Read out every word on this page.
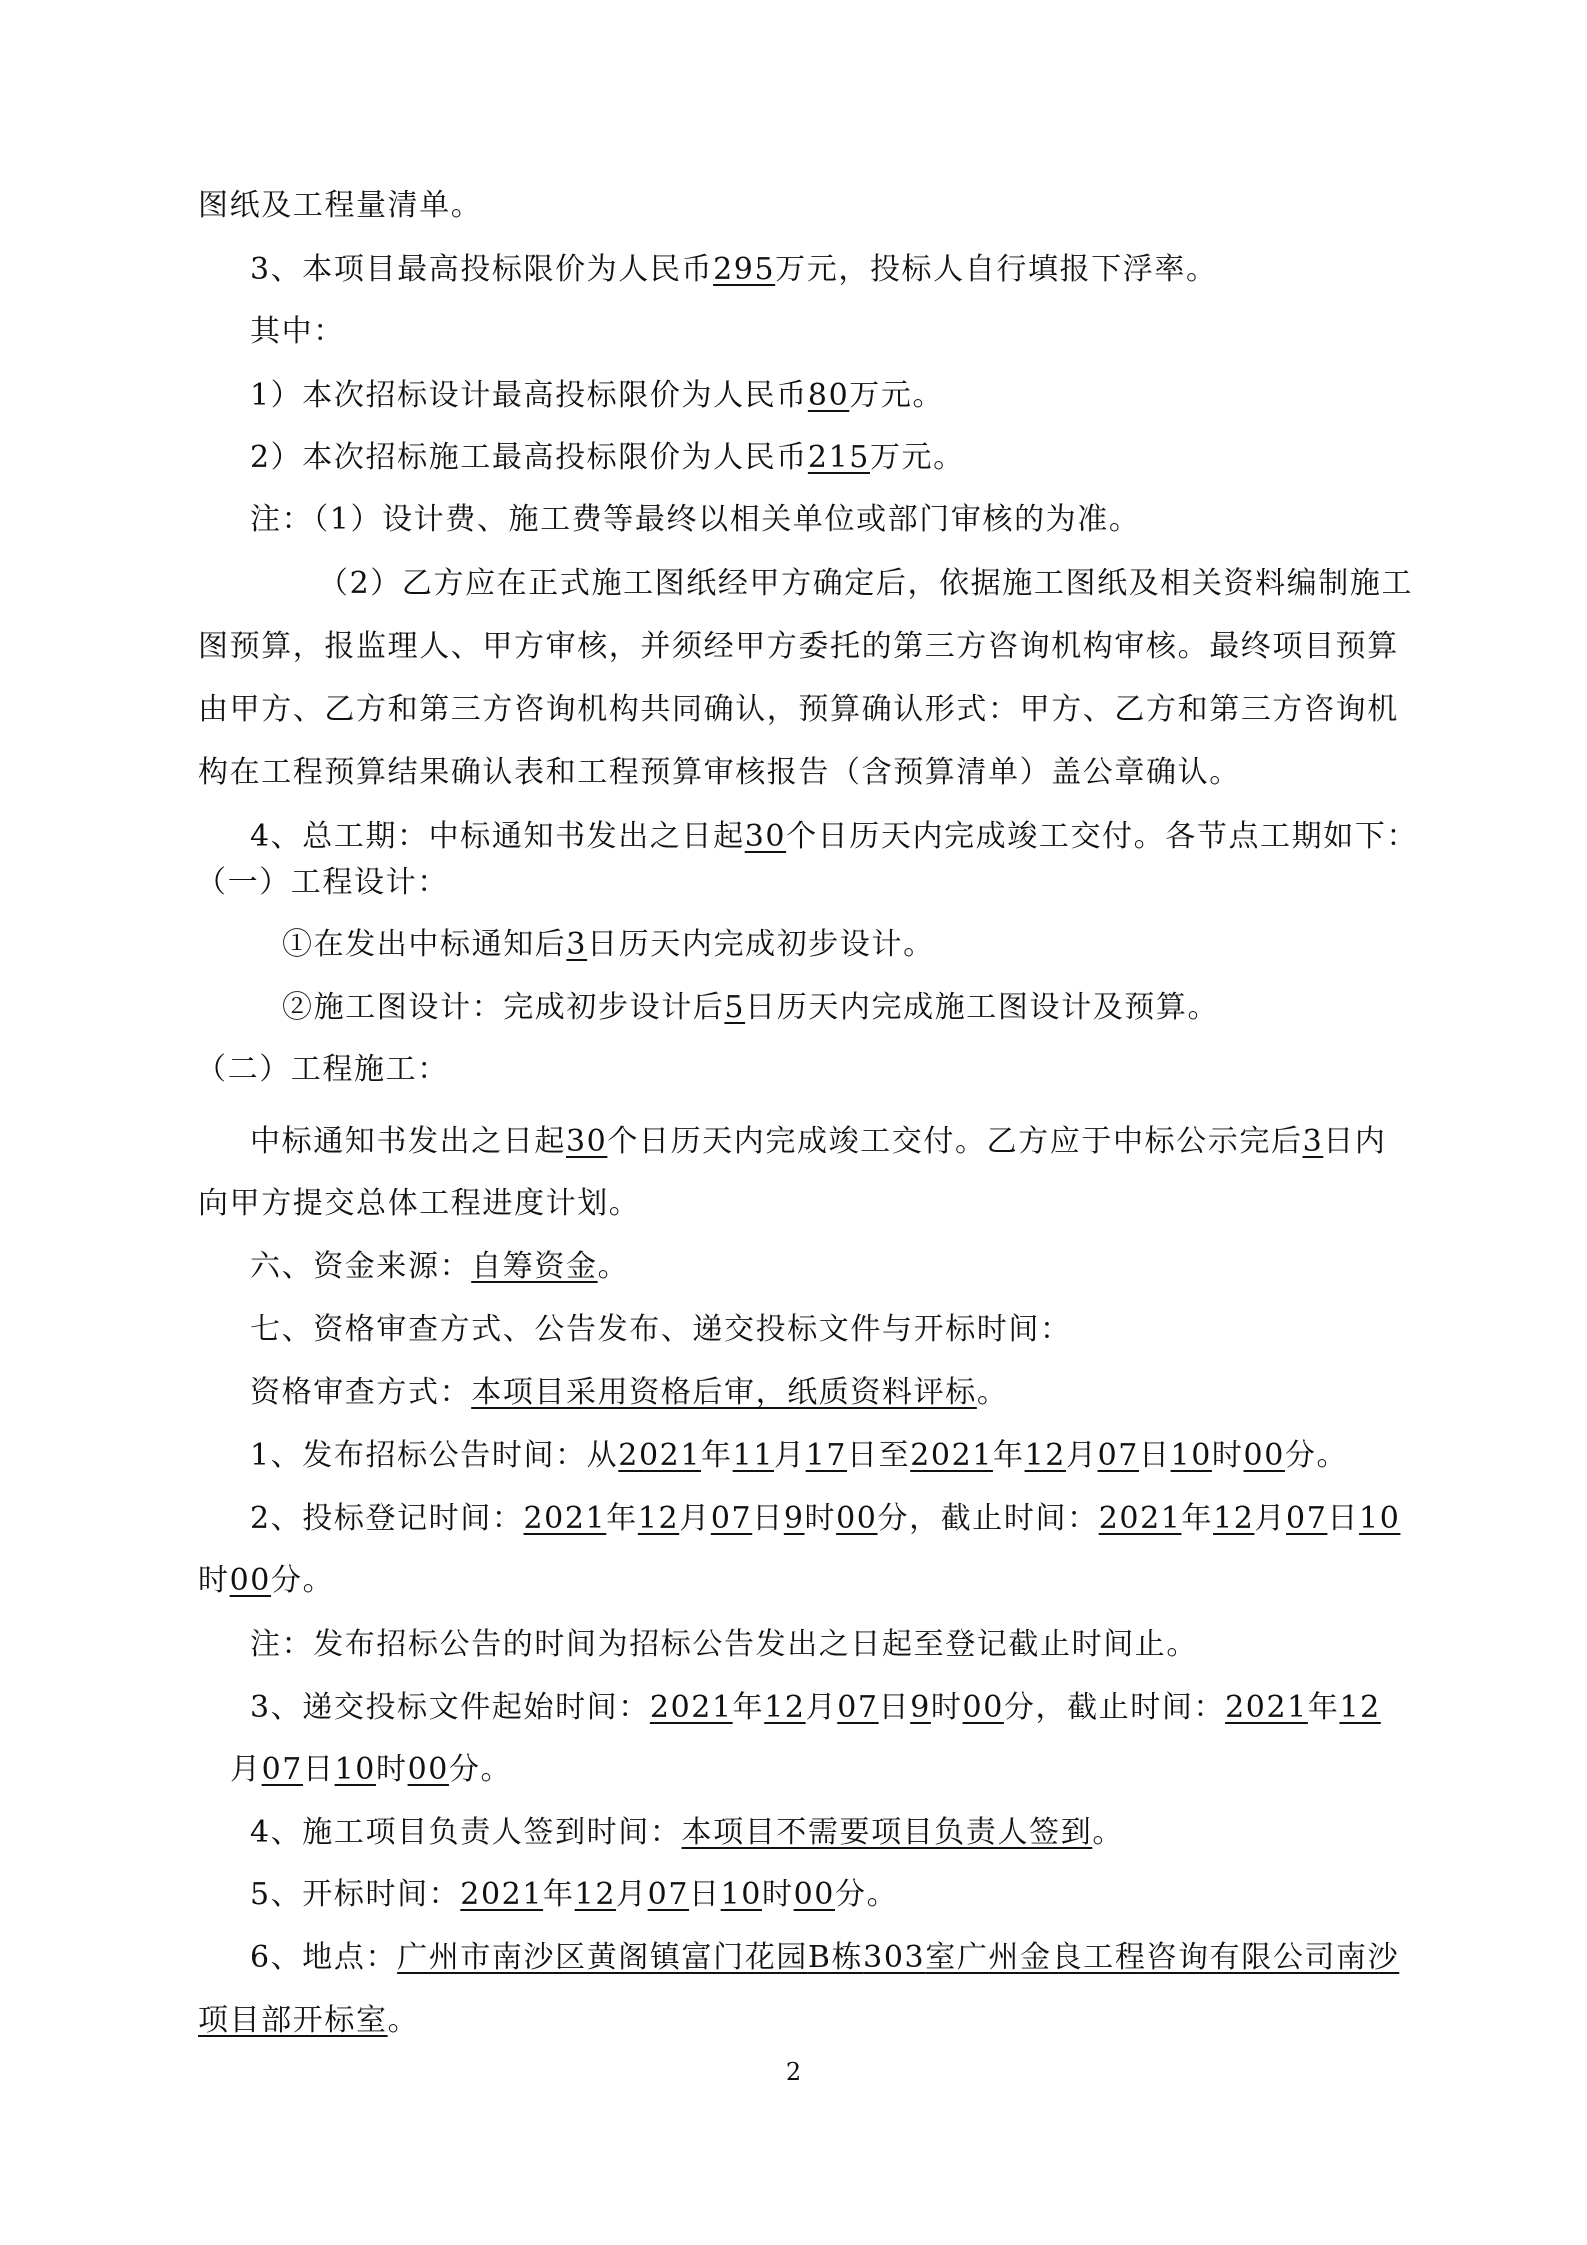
图纸及工程量清单。
3、本项目最高投标限价为人民币295万元，投标人自行填报下浮率。
其中：
1）本次招标设计最高投标限价为人民币80万元。
2）本次招标施工最高投标限价为人民币215万元。
注：（1）设计费、施工费等最终以相关单位或部门审核的为准。
（2）乙方应在正式施工图纸经甲方确定后，依据施工图纸及相关资料编制施工
图预算，报监理人、甲方审核，并须经甲方委托的第三方咨询机构审核。最终项目预算
由甲方、乙方和第三方咨询机构共同确认，预算确认形式：甲方、乙方和第三方咨询机
构在工程预算结果确认表和工程预算审核报告（含预算清单）盖公章确认。
4、总工期：中标通知书发出之日起30个日历天内完成竣工交付。各节点工期如下：
（一）工程设计：
①在发出中标通知后3日历天内完成初步设计。
②施工图设计：完成初步设计后5日历天内完成施工图设计及预算。
（二）工程施工：
中标通知书发出之日起30个日历天内完成竣工交付。乙方应于中标公示完后3日内
向甲方提交总体工程进度计划。
六、资金来源：自筹资金。
七、资格审查方式、公告发布、递交投标文件与开标时间：
资格审查方式：本项目采用资格后审，纸质资料评标。
1、发布招标公告时间：从2021年11月17日至2021年12月07日10时00分。
2、投标登记时间：2021年12月07日9时00分，截止时间：2021年12月07日10
时00分。
注：发布招标公告的时间为招标公告发出之日起至登记截止时间止。
3、递交投标文件起始时间：2021年12月07日9时00分，截止时间：2021年12
月07日10时00分。
4、施工项目负责人签到时间：本项目不需要项目负责人签到。
5、开标时间：2021年12月07日10时00分。
6、地点：广州市南沙区黄阁镇富门花园B栋303室广州金良工程咨询有限公司南沙
项目部开标室。
2
